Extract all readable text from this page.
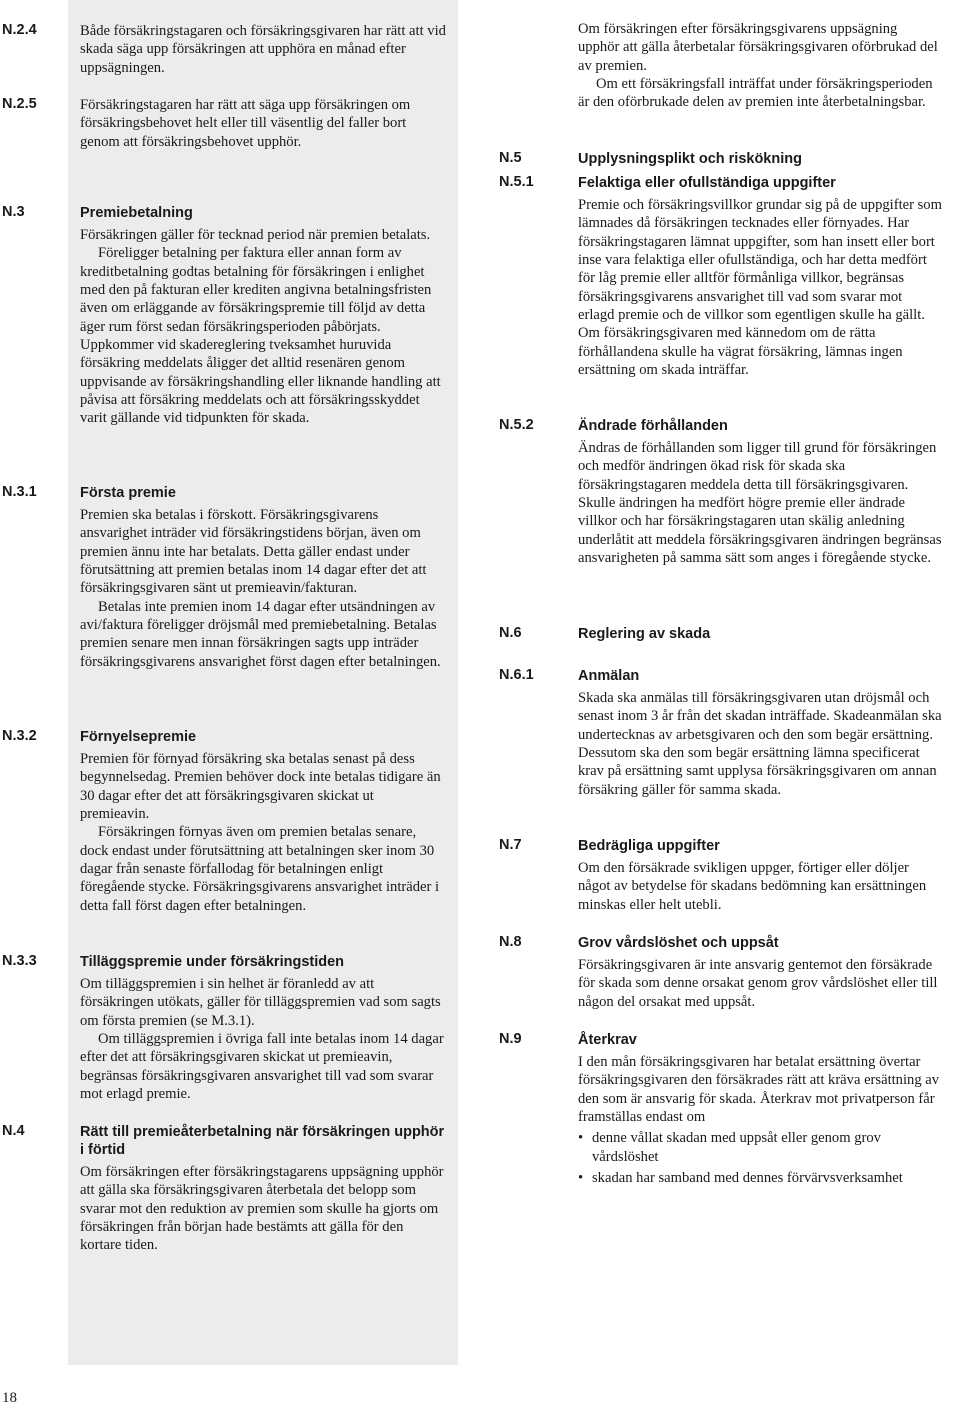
N.2.4
N.2.5
N.3
N.3.1
N.3.2
N.3.3
N.4

Både försäkringstagaren och försäkringsgivaren har rätt att vid skada säga upp försäkringen att upphöra en månad efter uppsägningen.

Försäkringstagaren har rätt att säga upp försäkringen om försäkringsbehovet helt eller till väsentlig del faller bort genom att försäkringsbehovet upphör.

Premiebetalning

Försäkringen gäller för tecknad period när premien betalats.

Föreligger betalning per faktura eller annan form av kreditbetalning godtas betalning för försäkringen i enlighet med den på fakturan eller krediten angivna betalningsfristen även om erläggande av försäkringspremie till följd av detta äger rum först sedan försäkringsperioden påbörjats. Uppkommer vid skadereglering tveksamhet huruvida försäkring meddelats åligger det alltid resenären genom uppvisande av försäkringshandling eller liknande handling att påvisa att försäkring meddelats och att försäkringsskyddet varit gällande vid tidpunkten för skada.

Första premie

Premien ska betalas i förskott. Försäkringsgivarens ansvarighet inträder vid försäkringstidens början, även om premien ännu inte har betalats. Detta gäller endast under förutsättning att premien betalas inom 14 dagar efter det att försäkringsgivaren sänt ut premieavin/fakturan.

Betalas inte premien inom 14 dagar efter utsändningen av avi/faktura föreligger dröjsmål med premiebetalning. Betalas premien senare men innan försäkringen sagts upp inträder försäkringsgivarens ansvarighet först dagen efter betalningen.

Förnyelsepremie

Premien för förnyad försäkring ska betalas senast på dess begynnelsedag. Premien behöver dock inte betalas tidigare än 30 dagar efter det att försäkringsgivaren skickat ut premieavin.

Försäkringen förnyas även om premien betalas senare, dock endast under förutsättning att betalningen sker inom 30 dagar från senaste förfallodag för betalningen enligt föregående stycke. Försäkringsgivarens ansvarighet inträder i detta fall först dagen efter betalningen.

Tilläggspremie under försäkringstiden

Om tilläggspremien i sin helhet är föranledd av att försäkringen utökats, gäller för tilläggspremien vad som sagts om första premien (se M.3.1).

Om tilläggspremien i övriga fall inte betalas inom 14 dagar efter det att försäkringsgivaren skickat ut premieavin, begränsas försäkringsgivaren ansvarighet till vad som svarar mot erlagd premie.

Rätt till premieåterbetalning när försäkringen upphör i förtid

Om försäkringen efter försäkringstagarens uppsägning upphör att gälla ska försäkringsgivaren återbetala det belopp som svarar mot den reduktion av premien som skulle ha gjorts om försäkringen från början hade bestämts att gälla för den kortare tiden.

N.5
N.5.1
N.5.2
N.6
N.6.1
N.7
N.8
N.9

Om försäkringen efter försäkringsgivarens uppsägning upphör att gälla återbetalar försäkringsgivaren oförbrukad del av premien.

Om ett försäkringsfall inträffat under försäkringsperioden är den oförbrukade delen av premien inte återbetalningsbar.

Upplysningsplikt och riskökning
Felaktiga eller ofullständiga uppgifter

Premie och försäkringsvillkor grundar sig på de uppgifter som lämnades då försäkringen tecknades eller förnyades. Har försäkringstagaren lämnat uppgifter, som han insett eller bort inse vara felaktiga eller ofullständiga, och har detta medfört för låg premie eller alltför förmånliga villkor, begränsas försäkringsgivarens ansvarighet till vad som svarar mot erlagd premie och de villkor som egentligen skulle ha gällt. Om försäkringsgivaren med kännedom om de rätta förhållandena skulle ha vägrat försäkring, lämnas ingen ersättning om skada inträffar.

Ändrade förhållanden

Ändras de förhållanden som ligger till grund för försäkringen och medför ändringen ökad risk för skada ska försäkringstagaren meddela detta till försäkringsgivaren. Skulle ändringen ha medfört högre premie eller ändrade villkor och har försäkringstagaren utan skälig anledning underlåtit att meddela försäkringsgivaren ändringen begränsas ansvarigheten på samma sätt som anges i föregående stycke.

Reglering av skada
Anmälan

Skada ska anmälas till försäkringsgivaren utan dröjsmål och senast inom 3 år från det skadan inträffade. Skadeanmälan ska undertecknas av arbetsgivaren och den som begär ersättning. Dessutom ska den som begär ersättning lämna specificerat krav på ersättning samt upplysa försäkringsgivaren om annan försäkring gäller för samma skada.

Bedrägliga uppgifter

Om den försäkrade svikligen uppger, förtiger eller döljer något av betydelse för skadans bedömning kan ersättningen minskas eller helt utebli.

Grov vårdslöshet och uppsåt

Försäkringsgivaren är inte ansvarig gentemot den försäkrade för skada som denne orsakat genom grov vårdslöshet eller till någon del orsakat med uppsåt.

Återkrav

I den mån försäkringsgivaren har betalat ersättning övertar försäkringsgivaren den försäkrades rätt att kräva ersättning av den som är ansvarig för skada. Återkrav mot privatperson får framställas endast om

• denne vållat skadan med uppsåt eller genom grov vårdslöshet
• skadan har samband med dennes förvärvsverksamhet
18
